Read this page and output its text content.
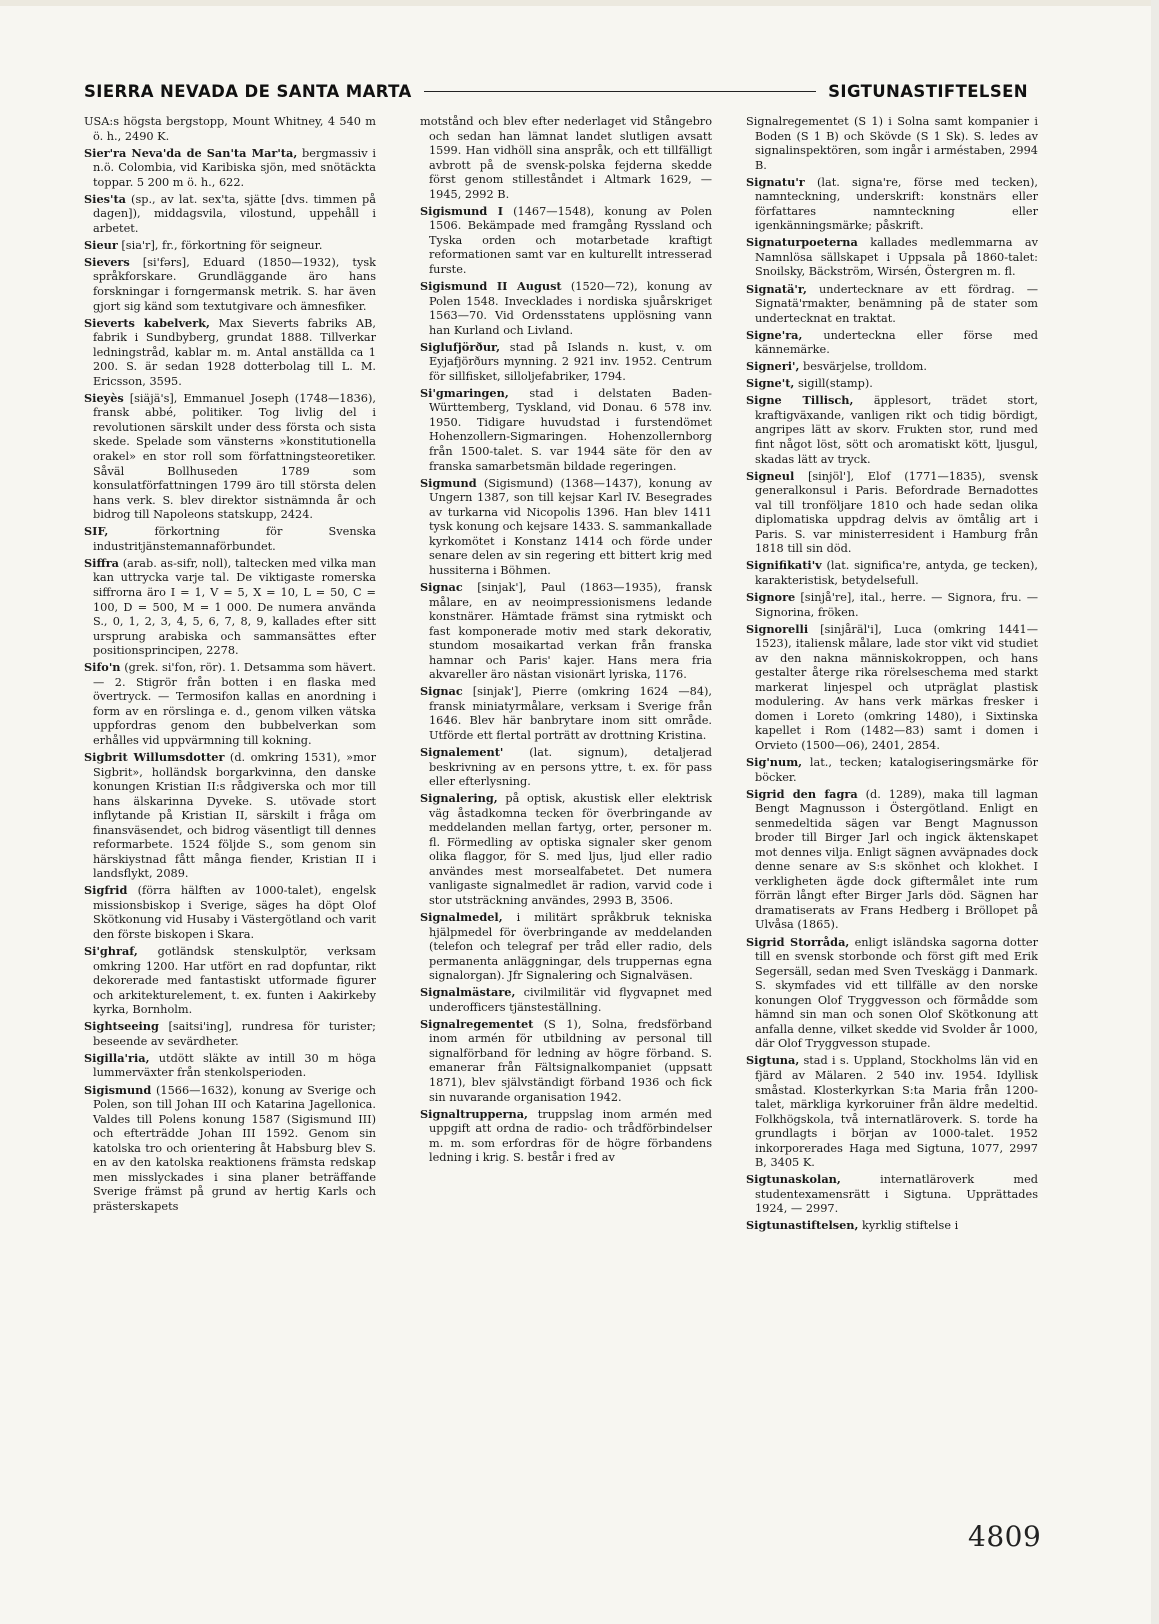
SIERRA NEVADA DE SANTA MARTA	SIGTUNASTIFTELSEN

USA:s högsta bergstopp, Mount Whitney, 4 540 m ö. h., 2490 K.

Sier'ra Neva'da de San'ta Mar'ta, bergmassiv i n.ö. Colombia, vid Karibiska sjön, med snötäckta toppar. 5 200 m ö. h., 622.

Sies'ta (sp., av lat. sex'ta, sjätte [dvs. timmen på dagen]), middagsvila, vilostund, uppehåll i arbetet.

Sieur [sia'r], fr., förkortning för seigneur.

Sievers [si'fərs], Eduard (1850—1932), tysk språkforskare. Grundläggande äro hans forskningar i forngermansk metrik. S. har även gjort sig känd som textutgivare och ämnesfiker.

Sieverts kabelverk, Max Sieverts fabriks AB, fabrik i Sundbyberg, grundat 1888. Tillverkar ledningstråd, kablar m. m. Antal anställda ca 1 200. S. är sedan 1928 dotterbolag till L. M. Ericsson, 3595.

Sieyès [siäjä's], Emmanuel Joseph (1748—1836), fransk abbé, politiker. Tog livlig del i revolutionen särskilt under dess första och sista skede. Spelade som vänsterns »konstitutionella orakel» en stor roll som författningsteoretiker. Såväl Bollhuseden 1789 som konsulatförfattningen 1799 äro till största delen hans verk. S. blev direktor sistnämnda år och bidrog till Napoleons statskupp, 2424.

SIF, förkortning för Svenska industritjänstemannaförbundet.

Siffra (arab. as-sifr, noll), taltecken med vilka man kan uttrycka varje tal. De viktigaste romerska siffrorna äro I = 1, V = 5, X = 10, L = 50, C = 100, D = 500, M = 1 000. De numera använda S., 0, 1, 2, 3, 4, 5, 6, 7, 8, 9, kallades efter sitt ursprung arabiska och sammansättes efter positionsprincipen, 2278.

Sifo'n (grek. si'fon, rör). 1. Detsamma som hävert. — 2. Stigrör från botten i en flaska med övertryck. — Termosifon kallas en anordning i form av en rörslinga e. d., genom vilken vätska uppfordras genom den bubbelverkan som erhålles vid uppvärmning till kokning.

Sigbrit Willumsdotter (d. omkring 1531), »mor Sigbrit», holländsk borgarkvinna, den danske konungen Kristian II:s rådgiverska och mor till hans älskarinna Dyveke. S. utövade stort inflytande på Kristian II, särskilt i fråga om finansväsendet, och bidrog väsentligt till dennes reformarbete. 1524 följde S., som genom sin härskiystnad fått många fiender, Kristian II i landsflykt, 2089.

Sigfrid (förra hälften av 1000-talet), engelsk missionsbiskop i Sverige, säges ha döpt Olof Skötkonung vid Husaby i Västergötland och varit den förste biskopen i Skara.

Si'ghraf, gotländsk stenskulptör, verksam omkring 1200. Har utfört en rad dopfuntar, rikt dekorerade med fantastiskt utformade figurer och arkitekturelement, t. ex. funten i Aakirkeby kyrka, Bornholm.

Sightseeing [saitsi'ing], rundresa för turister; beseende av sevärdheter.

Sigilla'ria, utdött släkte av intill 30 m höga lummerväxter från stenkolsperioden.

Sigismund (1566—1632), konung av Sverige och Polen, son till Johan III och Katarina Jagellonica. Valdes till Polens konung 1587 (Sigismund III) och efterträdde Johan III 1592. Genom sin katolska tro och orientering åt Habsburg blev S. en av den katolska reaktionens främsta redskap men misslyckades i sina planer beträffande Sverige främst på grund av hertig Karls och prästerskapets

motstånd och blev efter nederlaget vid Stångebro och sedan han lämnat landet slutligen avsatt 1599. Han vidhöll sina anspråk, och ett tillfälligt avbrott på de svensk-polska fejderna skedde först genom stilleståndet i Altmark 1629, — 1945, 2992 B.

Sigismund I (1467—1548), konung av Polen 1506. Bekämpade med framgång Ryssland och Tyska orden och motarbetade kraftigt reformationen samt var en kulturellt intresserad furste.

Sigismund II August (1520—72), konung av Polen 1548. Invecklades i nordiska sjuårskriget 1563—70. Vid Ordensstatens upplösning vann han Kurland och Livland.

Siglufjörður, stad på Islands n. kust, v. om Eyjafjörðurs mynning. 2 921 inv. 1952. Centrum för sillfisket, silloljefabriker, 1794.

Si'gmaringen, stad i delstaten Baden-Württemberg, Tyskland, vid Donau. 6 578 inv. 1950. Tidigare huvudstad i furstendömet Hohenzollern-Sigmaringen. Hohenzollernborg från 1500-talet. S. var 1944 säte för den av franska samarbetsmän bildade regeringen.

Sigmund (Sigismund) (1368—1437), konung av Ungern 1387, son till kejsar Karl IV. Besegrades av turkarna vid Nicopolis 1396. Han blev 1411 tysk konung och kejsare 1433. S. sammankallade kyrkomötet i Konstanz 1414 och förde under senare delen av sin regering ett bittert krig med hussiterna i Böhmen.

Signac [sinjak'], Paul (1863—1935), fransk målare, en av neoimpressionismens ledande konstnärer. Hämtade främst sina rytmiskt och fast komponerade motiv med stark dekorativ, stundom mosaikartad verkan från franska hamnar och Paris' kajer. Hans mera fria akvareller äro nästan visionärt lyriska, 1176.

Signac [sinjak'], Pierre (omkring 1624 —84), fransk miniatyrmålare, verksam i Sverige från 1646. Blev här banbrytare inom sitt område. Utförde ett flertal porträtt av drottning Kristina.

Signalement' (lat. signum), detaljerad beskrivning av en persons yttre, t. ex. för pass eller efterlysning.

Signalering, på optisk, akustisk eller elektrisk väg åstadkomna tecken för överbringande av meddelanden mellan fartyg, orter, personer m. fl. Förmedling av optiska signaler sker genom olika flaggor, för S. med ljus, ljud eller radio användes mest morsealfabetet. Det numera vanligaste signalmedlet är radion, varvid code i stor utsträckning användes, 2993 B, 3506.

Signalmedel, i militärt språkbruk tekniska hjälpmedel för överbringande av meddelanden (telefon och telegraf per tråd eller radio, dels permanenta anläggningar, dels truppernas egna signalorgan). Jfr Signalering och Signalväsen.

Signalmästare, civilmilitär vid flygvapnet med underofficers tjänsteställning.

Signalregementet (S 1), Solna, fredsförband inom armén för utbildning av personal till signalförband för ledning av högre förband. S. emanerar från Fältsignalkompaniet (uppsatt 1871), blev självständigt förband 1936 och fick sin nuvarande organisation 1942.

Signaltrupperna, truppslag inom armén med uppgift att ordna de radio- och trådförbindelser m. m. som erfordras för de högre förbandens ledning i krig. S. består i fred av

Signalregementet (S 1) i Solna samt kompanier i Boden (S 1 B) och Skövde (S 1 Sk). S. ledes av signalinspektören, som ingår i arméstaben, 2994 B.

Signatu'r (lat. signa're, förse med tecken), namnteckning, underskrift: konstnärs eller författares namnteckning eller igenkänningsmärke; påskrift.

Signaturpoeterna kallades medlemmarna av Namnlösa sällskapet i Uppsala på 1860-talet: Snoilsky, Bäckström, Wirsén, Östergren m. fl.

Signatä'r, undertecknare av ett fördrag. — Signatä'rmakter, benämning på de stater som undertecknat en traktat.

Signe'ra, underteckna eller förse med kännemärke.

Signeri', besvärjelse, trolldom.

Signe't, sigill(stamp).

Signe Tillisch, äpplesort, trädet stort, kraftigväxande, vanligen rikt och tidig bördigt, angripes lätt av skorv. Frukten stor, rund med fint något löst, sött och aromatiskt kött, ljusgul, skadas lätt av tryck.

Signeul [sinjöl'], Elof (1771—1835), svensk generalkonsul i Paris. Befordrade Bernadottes val till tronföljare 1810 och hade sedan olika diplomatiska uppdrag delvis av ömtålig art i Paris. S. var ministerresident i Hamburg från 1818 till sin död.

Signifikati'v (lat. significa're, antyda, ge tecken), karakteristisk, betydelsefull.

Signore [sinjå're], ital., herre. — Signora, fru. — Signorina, fröken.

Signorelli [sinjåräl'i], Luca (omkring 1441—1523), italiensk målare, lade stor vikt vid studiet av den nakna människokroppen, och hans gestalter återge rika rörelseschema med starkt markerat linjespel och utpräglat plastisk modulering. Av hans verk märkas fresker i domen i Loreto (omkring 1480), i Sixtinska kapellet i Rom (1482—83) samt i domen i Orvieto (1500—06), 2401, 2854.

Sig'num, lat., tecken; katalogiseringsmärke för böcker.

Sigrid den fagra (d. 1289), maka till lagman Bengt Magnusson i Östergötland. Enligt en senmedeltida sägen var Bengt Magnusson broder till Birger Jarl och ingick äktenskapet mot dennes vilja. Enligt sägnen avväpnades dock denne senare av S:s skönhet och klokhet. I verkligheten ägde dock giftermålet inte rum förrän långt efter Birger Jarls död. Sägnen har dramatiserats av Frans Hedberg i Bröllopet på Ulvåsa (1865).

Sigrid Storråda, enligt isländska sagorna dotter till en svensk storbonde och först gift med Erik Segersäll, sedan med Sven Tveskägg i Danmark. S. skymfades vid ett tillfälle av den norske konungen Olof Tryggvesson och förmådde som hämnd sin man och sonen Olof Skötkonung att anfalla denne, vilket skedde vid Svolder år 1000, där Olof Tryggvesson stupade.

Sigtuna, stad i s. Uppland, Stockholms län vid en fjärd av Mälaren. 2 540 inv. 1954. Idyllisk småstad. Klosterkyrkan S:ta Maria från 1200-talet, märkliga kyrkoruiner från äldre medeltid. Folkhögskola, två internatläroverk. S. torde ha grundlagts i början av 1000-talet. 1952 inkorporerades Haga med Sigtuna, 1077, 2997 B, 3405 K.

Sigtunaskolan, internatläroverk med studentexamensrätt i Sigtuna. Upprättades 1924, — 2997.

Sigtunastiftelsen, kyrklig stiftelse i

4809
